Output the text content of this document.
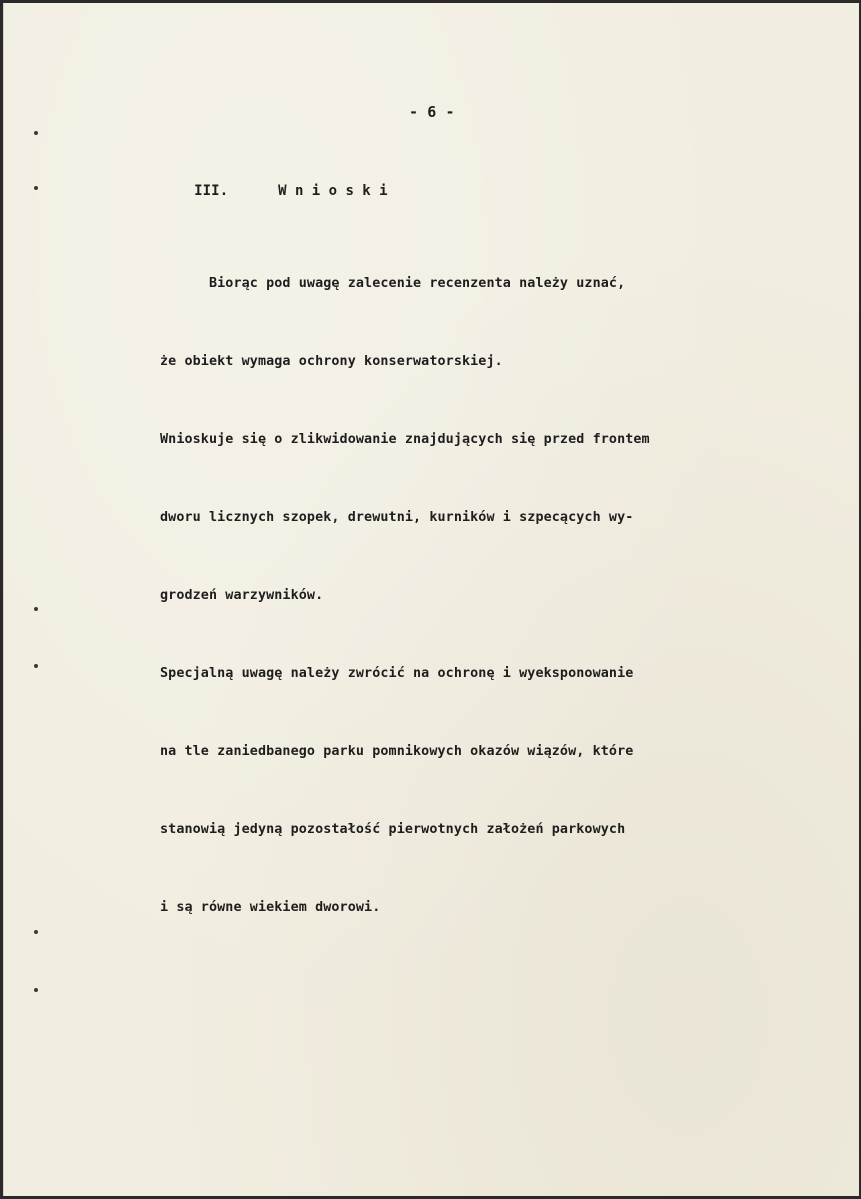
- 6 -

III.	Wnioski

Biorąc pod uwagę zalecenie recenzenta należy uznać,

że obiekt wymaga ochrony konserwatorskiej.

Wnioskuje się o zlikwidowanie znajdujących się przed frontem

dworu licznych szopek, drewutni, kurników i szpecących wy-

grodzeń warzywników.

Specjalną uwagę należy zwrócić na ochronę i wyeksponowanie

na tle zaniedbanego parku pomnikowych okazów wiązów, które

stanowią jedyną pozostałość pierwotnych założeń parkowych

i są równe wiekiem dworowi.
